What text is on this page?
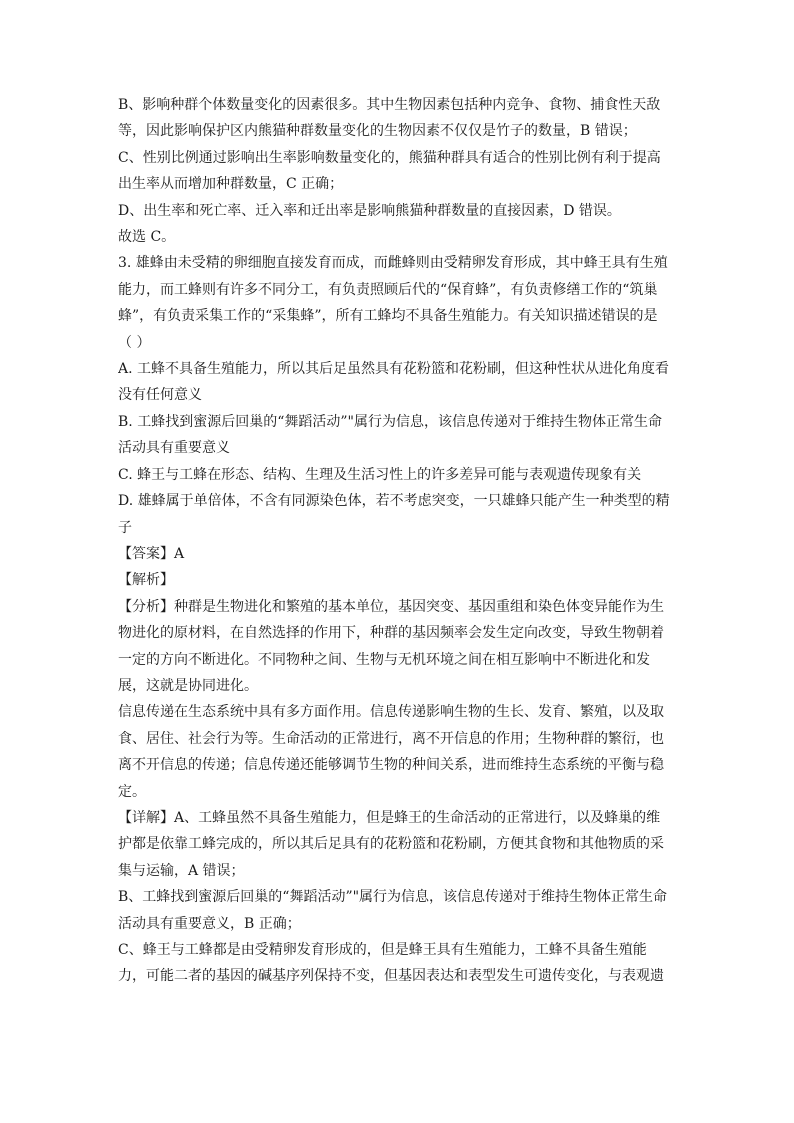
B、影响种群个体数量变化的因素很多。其中生物因素包括种内竞争、食物、捕食性天敌

等，因此影响保护区内熊猫种群数量变化的生物因素不仅仅是竹子的数量，B 错误；

C、性别比例通过影响出生率影响数量变化的，熊猫种群具有适合的性别比例有利于提高

出生率从而增加种群数量，C 正确；

D、出生率和死亡率、迁入率和迁出率是影响熊猫种群数量的直接因素，D 错误。

故选 C。

3. 雄蜂由未受精的卵细胞直接发育而成，而雌蜂则由受精卵发育形成，其中蜂王具有生殖

能力，而工蜂则有许多不同分工，有负责照顾后代的“保育蜂”，有负责修缮工作的“筑巢

蜂”，有负责采集工作的“采集蜂”，所有工蜂均不具备生殖能力。有关知识描述错误的是

（ ）

A. 工蜂不具备生殖能力，所以其后足虽然具有花粉篮和花粉刷，但这种性状从进化角度看

没有任何意义

B. 工蜂找到蜜源后回巢的“舞蹈活动”"属行为信息，该信息传递对于维持生物体正常生命

活动具有重要意义

C. 蜂王与工蜂在形态、结构、生理及生活习性上的许多差异可能与表观遗传现象有关

D. 雄蜂属于单倍体，不含有同源染色体，若不考虑突变，一只雄蜂只能产生一种类型的精

子

【答案】A

【解析】

【分析】种群是生物进化和繁殖的基本单位，基因突变、基因重组和染色体变异能作为生

物进化的原材料，在自然选择的作用下，种群的基因频率会发生定向改变，导致生物朝着

一定的方向不断进化。不同物种之间、生物与无机环境之间在相互影响中不断进化和发

展，这就是协同进化。

信息传递在生态系统中具有多方面作用。信息传递影响生物的生长、发育、繁殖，以及取

食、居住、社会行为等。生命活动的正常进行，离不开信息的作用；生物种群的繁衍，也

离不开信息的传递；信息传递还能够调节生物的种间关系，进而维持生态系统的平衡与稳

定。

【详解】A、工蜂虽然不具备生殖能力，但是蜂王的生命活动的正常进行，以及蜂巢的维

护都是依靠工蜂完成的，所以其后足具有的花粉篮和花粉刷，方便其食物和其他物质的采

集与运输，A 错误；

B、工蜂找到蜜源后回巢的“舞蹈活动”"属行为信息，该信息传递对于维持生物体正常生命

活动具有重要意义，B 正确；

C、蜂王与工蜂都是由受精卵发育形成的，但是蜂王具有生殖能力，工蜂不具备生殖能

力，可能二者的基因的碱基序列保持不变，但基因表达和表型发生可遗传变化，与表观遗
